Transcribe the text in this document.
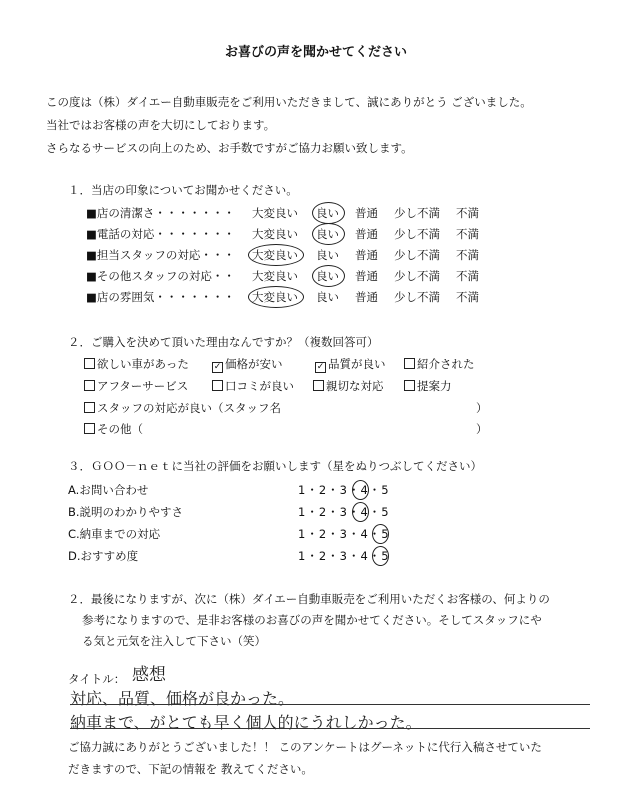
お喜びの声を聞かせてください
この度は（株）ダイエー自動車販売をご利用いただきまして、誠にありがとう ございました。
当社ではお客様の声を大切にしております。
さらなるサービスの向上のため、お手数ですがご協力お願い致します。
１．当店の印象についてお聞かせください。
■店の清潔さ・・・・・・・ 大変良い 良い 普通 少し不満 不満
■電話の対応・・・・・・・ 大変良い 良い 普通 少し不満 不満
■担当スタッフの対応・・・ 大変良い 良い 普通 少し不満 不満
■その他スタッフの対応・・ 大変良い 良い 普通 少し不満 不満
■店の雰囲気・・・・・・・ 大変良い 良い 普通 少し不満 不満
２．ご購入を決めて頂いた理由なんですか？（複数回答可）
欲しい車があった	✓ 価格が安い	✓ 品質が良い	紹介された
アフターサービス	口コミが良い	親切な対応	提案力
スタッフの対応が良い（スタッフ名	）
その他（	）
３．ＧＯＯ－ｎｅｔに当社の評価をお願いします（星をぬりつぶしてください）
A.お問い合わせ	1・2・3・4・5
B.説明のわかりやすさ	1・2・3・4・5
C.納車までの対応	1・2・3・4・5
D.おすすめ度	1・2・3・4・5
２．最後になりますが、次に（株）ダイエー自動車販売をご利用いただくお客様の、何よりの
参考になりますので、是非お客様のお喜びの声を聞かせてください。そしてスタッフにや
る気と元気を注入して下さい（笑）
タイトル： 感想
対応、品質、価格が良かった。
納車まで、がとても早く個人的にうれしかった。
ご協力誠にありがとうございました！！ このアンケートはグーネットに代行入稿させていた
だきますので、下記の情報を 教えてください。
